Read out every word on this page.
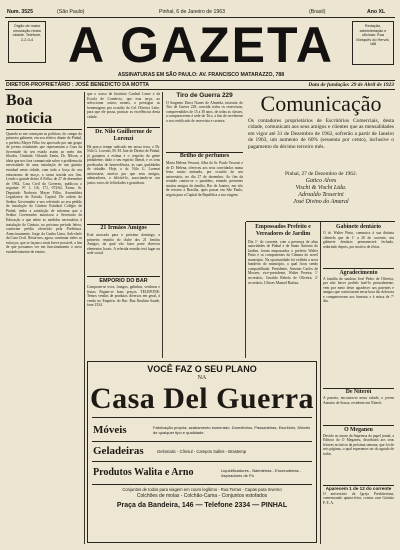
Num. 3525	(São Paulo)	Pinhal, 6 de Janeiro de 1963	(Brasil)	Ano XL
Órgão de maior circulação nesta cidade. Telefone, 2-2-0-4 A GAZETA	Redação, administração e oficinas: Rua Marquês do Herval, 188
ASSINATURAS EM SÃO PAULO: AV. FRANCISCO MATARAZZO, 788
DIRETOR-PROPRIETÁRIO : JOSÉ BENEDICTO DA MOTTA	Data de fundação: 29 de Abril de 1923
Boa noticia
Quando se me começam as politicas, do campo do primeiro gabinete, em seu efetivo diante de Pinhal, o prefeito Mayer Filho fez aprovado por um grupo de jovens estudantes que representam a Casa da Juventude do seu estado assim ao meio dos filiados. Unidade, Orlando Zenin, Dr. Nilson, a ideia que nos fora comunicada sobre o problema da necessidade de uma instalação de um ginásio estadual nesta cidade, com toda a força do seu entusiasmo de moço, a causa trazida aos fins. Lendo o grande diário A Folha, de 27 de dezembro de 1962, Casa Civil do Governo, publicou o seguinte: Nº 1, GS, 171, 072/62, Exmo. Sr. Deputado Norberto Mayer Filho, Assembleia Legislativa do Estado, Capital. De ordem do Senhor Governador e nos referindo ao seu pedido de instalação do Ginásio Estadual Colégio de Pinhal, tenho a satisfação de informar que o Senhor Governador autorizou a Secretaria da Educação a que adote as medidas necessárias à instalação do Ginásio, no próximo período letivo, conforme prédio oferecido pela Prefeitura. Atenciosamente, Jorge da Cunha Lima, Sub-chefe da Casa Civil. Resta-nos, agora, continuar todos os esforços, que se façam o mais breve possível, a fim de que possamos ver em funcionamento o novo estabelecimento de ensino.
que o acaso de Instituto Cardeal Leme e da Escola de Comércio, que esta terça, ao seleccionar outros nomes, a prestigiar as homenagens por ocasião do Cel Oliveira Leite, para que ele possa, praticar as excelências desta cidade.
Dr. Nilo Guilherme de Lorenzi
Há pouco tempo radicado em nossa terra, o Dr. Nilo G. Lorenzi, M. M. Juiz de Direito de Pinhal, já granjeou a estima e o respeito da gente pinhalense, dado o seu espírito liberal, e os seus predicados de benevolência, as suas qualidades de cidadão. Hoje, o dr. Nilo G. Lorenzi aniversaria, motivo por que seus amigos, admiradores, a felicitá-lo, associando-se aos justos votos de felicidades e grandezas.
21 Irmãos Amigos
Está marcada para o próximo domingo, a primeira reunião do clube dos 21 Irmãos Amigos, da qual vão fazer parte diversos elementos locais. A referida reunião terá lugar na sede social.
EMPORIO DO BAR
Compram-se ovos, frangos, galinhas, verduras e frutas. Pagam-se bons preços. TELEFONE: Temos vendas de produtos diversos em geral, à venda no Empório do Bar. Rua Ibrahim Saude, fone 2334.
Tiro de Guerra 229
O Sargento Darci Nunes de Almeida, instrutor do Tiro de Guerra 229, convida todos os reservistas, compreendidos de 15 a 30 anos, de todas as classes, a comparecerem à sede do Tiro, a fim de receberem o seu certificado de reservista e carteira.
Brilho de perfumes
Maria Helena Vesconi, filha do Sr. Paulo Vesconi e de D. Helena, ofereceu aos seus convidados numa festa muito animada, por ocasião do seu aniversário, no dia 27 de dezembro. Ao fim da reunião cantou-se o parabéns, estando presentes muitos amigos da família. Rio de Janeiro, em vôo de retorno a Brasília, após passar em São Paulo, seguiu para a Capital da República a sua viagem.
Comunicação
Os contadores proprietários de Escritórios Comerciais, desta cidade, comunicam aos seus amigos e clientes que as mensalidades em vigor até 31 de Dezembro de 1962, sofrerão a partir de Janeiro de 1963, um aumento de 60% (sessenta por cento), inclusive o pagamento do décimo terceiro mês.
Pinhal, 27 de Dezembro de 1962.
Gatico Alves
Vischi & Vischi Ltda.
Adroaldo Tesserini
José Divino do Amaral
Empossados Prefeito e Vereadores de Jardim
Dia 1º do corrente, com a presença de altas autoridades de Pinhal e de Santo Antonio do Jardim, foram empossados o prefeito Walter Pinto e os componentes da Câmara do novel município. Na oportunidade foi exibida a nova bandeira do município, a qual ficou sendo compartilhada. Presidente, Antonio Carlos de Moraes; vice-presidente, Walter Pereira; 1º secretário, Geraldo Rebelo de Oliveira; 2º secretário, Ulisses Manoel Batista.
Gabinete dentário
O dr. Walter Pinto, comunica à sua distinta clientela que de 1º a 20 do corrente, seu gabinete dentário permanecerá fechado, reabrindo depois, por motivo de férias.
Agradecimento
A família do saudoso José Pedro de Oliveira, por não haver podido fazê-lo pessoalmente, vem por meio deste agradecer aos parentes e amigos que confortaram nesta hora tão dolorosa e compareceram aos funerais e à missa de 7º dia.
De Niterói
A passeio, encontra-se nesta cidade, o jovem Antonio de Souza, residente em Niterói.
O Meganeu
Devido ao atraso da Imprensa do papel jornal, a Editora do O Meganeu, distribuirá aos seus leitores no início da próxima semana, que foi de seis páginas, o qual esperamos ser do agrado de todos.
Aparecem 1 de 12 do corrente
O aniversário da Igreja Presbiteriana, comemorado quinta-feira, contou com Ginásio P. E. A.
VOCÊ FAZ O SEU PLANO
NA
Casa Del Guerra
Móveis	Fabricação própria, acabamento esmerado. Dormitórios, Passadeiras, Escritório, Móveis de qualquer tipo e qualidade.
Geladeiras	Gelomatic - Cônsul - Campos Salles - Brastemp
Produtos Walita e Arno	Liquidificadores - Batedeiras - Enceradeiras - Aspiradores de Pó
Conjuntos de todos para viagem em couro legítimo - Rua Terras - Capas para Inverno
Colchões de molas - Colchão-Cama - Conjuntos estofados
Praça da Bandeira, 146 — Telefone 2334 — PINHAL
